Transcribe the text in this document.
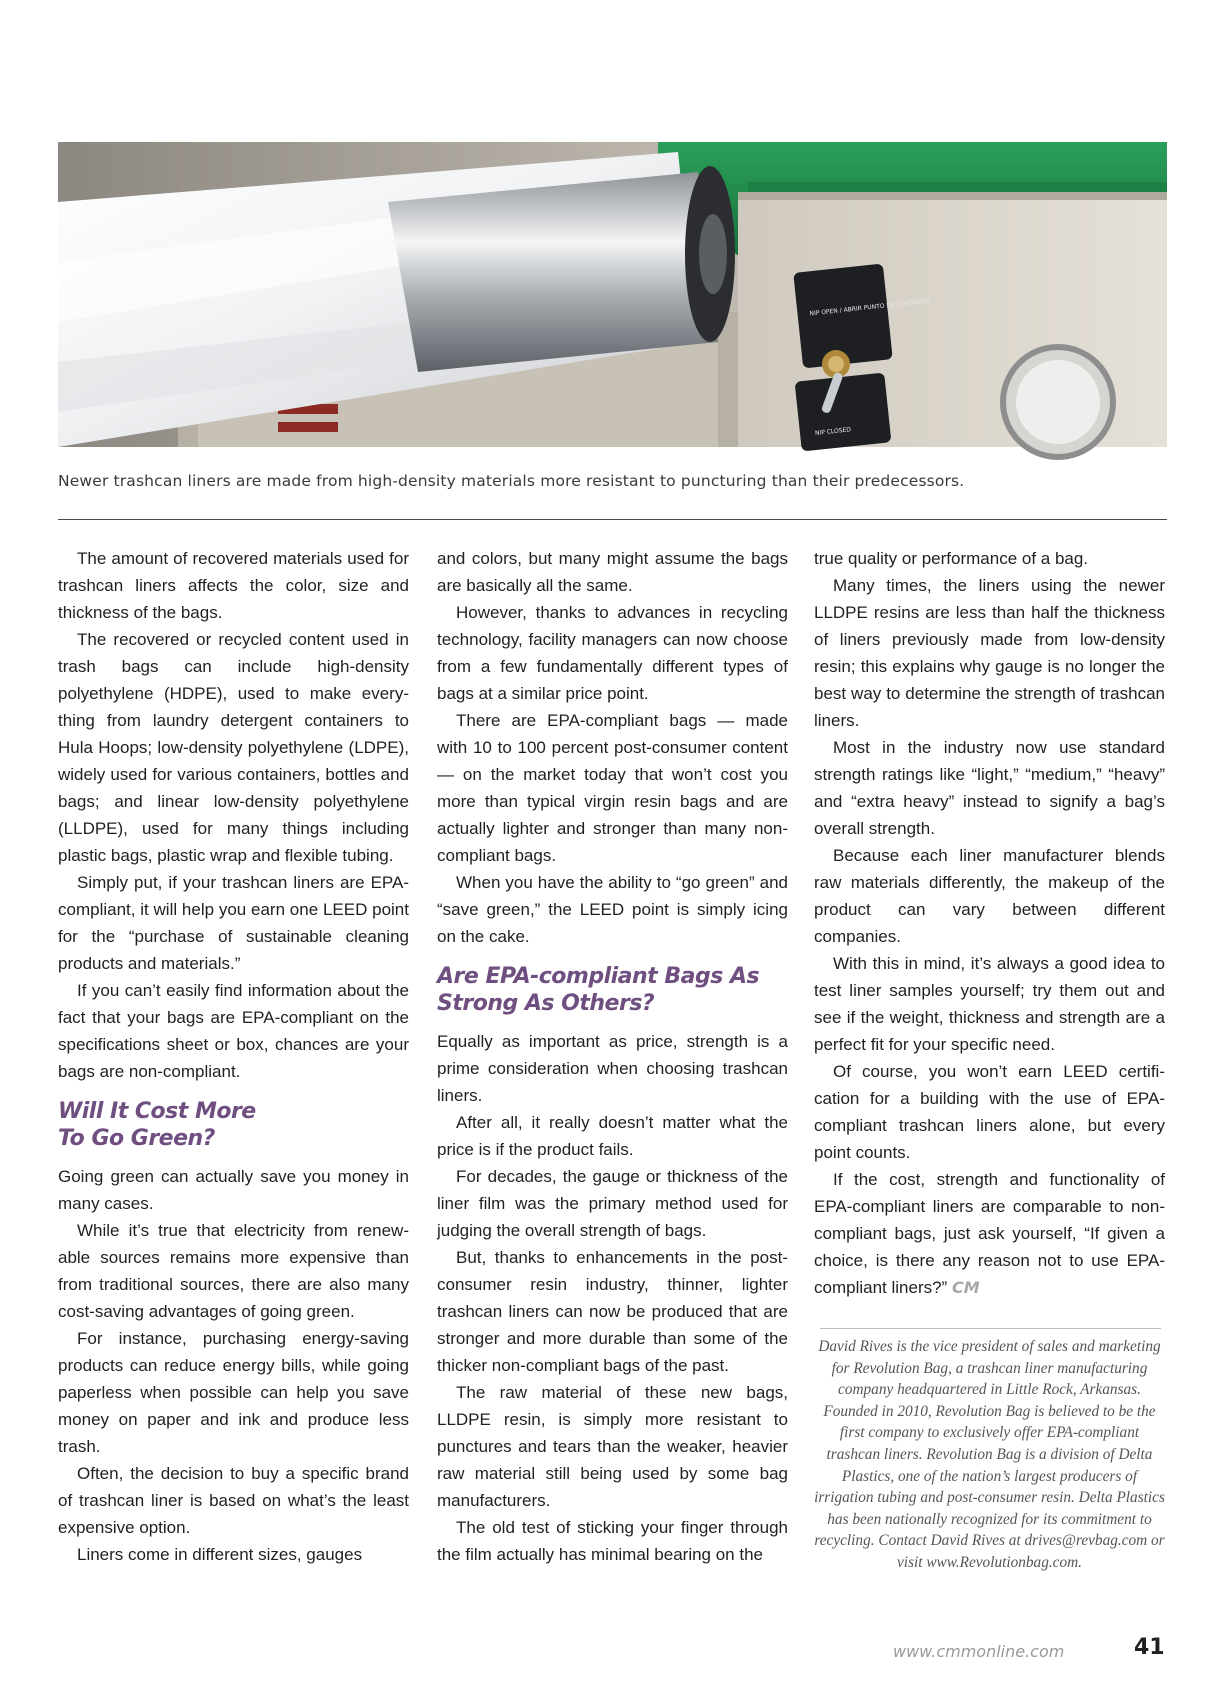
NIP OPEN / ABRIR PUNTO DE CONTACTO
NIP CLOSED	Images courtesy of Revolution Bag
Newer trashcan liners are made from high-density materials more resistant to puncturing than their predecessors.

The amount of recovered materials used for trashcan liners affects the color, size and thickness of the bags.

The recovered or recycled content used in trash bags can include high-density polyethylene (HDPE), used to make everything from laundry detergent containers to Hula Hoops; low-density polyethylene (LDPE), widely used for various containers, bottles and bags; and linear low-density polyethylene (LLDPE), used for many things including plastic bags, plastic wrap and flexible tubing.

Simply put, if your trashcan liners are EPA-compliant, it will help you earn one LEED point for the “purchase of sustainable cleaning products and materials.”

If you can’t easily find information about the fact that your bags are EPA-compliant on the specifications sheet or box, chances are your bags are non-compliant.

Will It Cost More
To Go Green?

Going green can actually save you money in many cases.

While it’s true that electricity from renewable sources remains more expensive than from traditional sources, there are also many cost-saving advantages of going green.

For instance, purchasing energy-saving products can reduce energy bills, while going paperless when possible can help you save money on paper and ink and produce less trash.

Often, the decision to buy a specific brand of trashcan liner is based on what’s the least expensive option.

Liners come in different sizes, gauges

and colors, but many might assume the bags are basically all the same.

However, thanks to advances in recycling technology, facility managers can now choose from a few fundamentally different types of bags at a similar price point.

There are EPA-compliant bags — made with 10 to 100 percent post-consumer content — on the market today that won’t cost you more than typical virgin resin bags and are actually lighter and stronger than many non-compliant bags.

When you have the ability to “go green” and “save green,” the LEED point is simply icing on the cake.

Are EPA-compliant Bags As
Strong As Others?

Equally as important as price, strength is a prime consideration when choosing trashcan liners.

After all, it really doesn’t matter what the price is if the product fails.

For decades, the gauge or thickness of the liner film was the primary method used for judging the overall strength of bags.

But, thanks to enhancements in the post-consumer resin industry, thinner, lighter trashcan liners can now be produced that are stronger and more durable than some of the thicker non-compliant bags of the past.

The raw material of these new bags, LLDPE resin, is simply more resistant to punctures and tears than the weaker, heavier raw material still being used by some bag manufacturers.

The old test of sticking your finger through the film actually has minimal bearing on the

true quality or performance of a bag.

Many times, the liners using the newer LLDPE resins are less than half the thickness of liners previously made from low-density resin; this explains why gauge is no longer the best way to determine the strength of trashcan liners.

Most in the industry now use standard strength ratings like “light,” “medium,” “heavy” and “extra heavy” instead to signify a bag’s overall strength.

Because each liner manufacturer blends raw materials differently, the makeup of the product can vary between different companies.

With this in mind, it’s always a good idea to test liner samples yourself; try them out and see if the weight, thickness and strength are a perfect fit for your specific need.

Of course, you won’t earn LEED certification for a building with the use of EPA-compliant trashcan liners alone, but every point counts.

If the cost, strength and functionality of EPA-compliant liners are comparable to non-compliant bags, just ask yourself, “If given a choice, is there any reason not to use EPA-compliant liners?” CM

David Rives is the vice president of sales and marketing for Revolution Bag, a trashcan liner manufacturing company headquartered in Little Rock, Arkansas. Founded in 2010, Revolution Bag is believed to be the first company to exclusively offer EPA-compliant trashcan liners. Revolution Bag is a division of Delta Plastics, one of the nation’s largest producers of irrigation tubing and post-consumer resin. Delta Plastics has been nationally recognized for its commitment to recycling. Contact David Rives at drives@revbag.com or visit www.Revolutionbag.com.
www.cmmonline.com	41
